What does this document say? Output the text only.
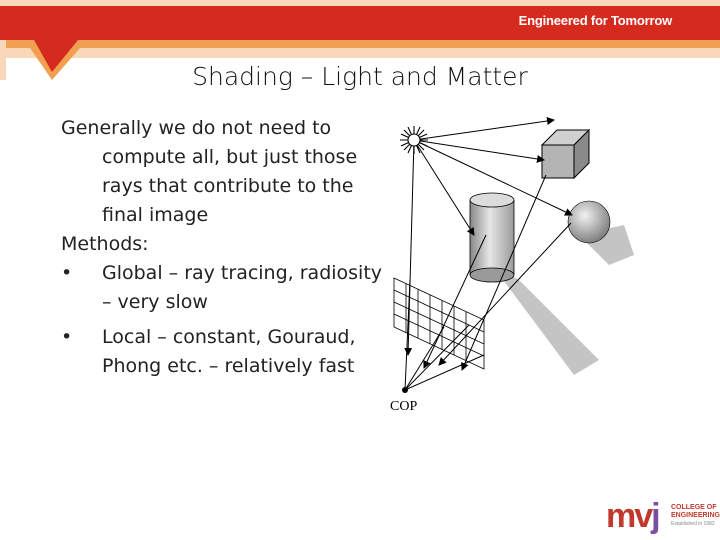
Engineered for Tomorrow
Shading – Light and Matter

Generally we do not need to compute all, but just those rays that contribute to the final image

Methods:

•	Global – ray tracing, radiosity – very slow
•	Local – constant, Gouraud, Phong etc. – relatively fast
COP
mvj COLLEGE OF
ENGINEERING
Established in 1982
